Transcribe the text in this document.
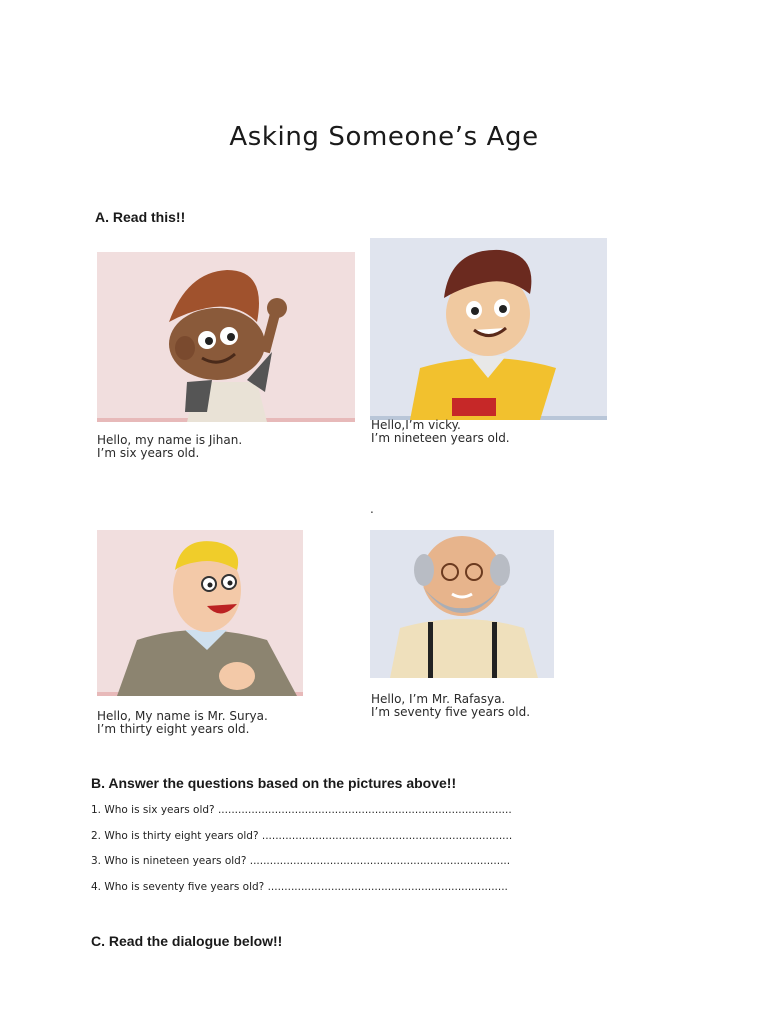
Asking Someone’s Age
A. Read this!!
Hello, my name is Jihan.
I’m six years old.
Hello,I’m vicky.
I’m nineteen years old.
.
Hello, My name is Mr. Surya.
I’m thirty eight years old.
Hello, I’m Mr. Rafasya.
I’m seventy five years old.
B. Answer the questions based on the pictures above!!
1. Who is six years old? ........................................................................................
2. Who is thirty eight years old? ...........................................................................
3. Who is nineteen years old? ..............................................................................
4. Who is seventy five years old? ........................................................................
C. Read the dialogue below!!
